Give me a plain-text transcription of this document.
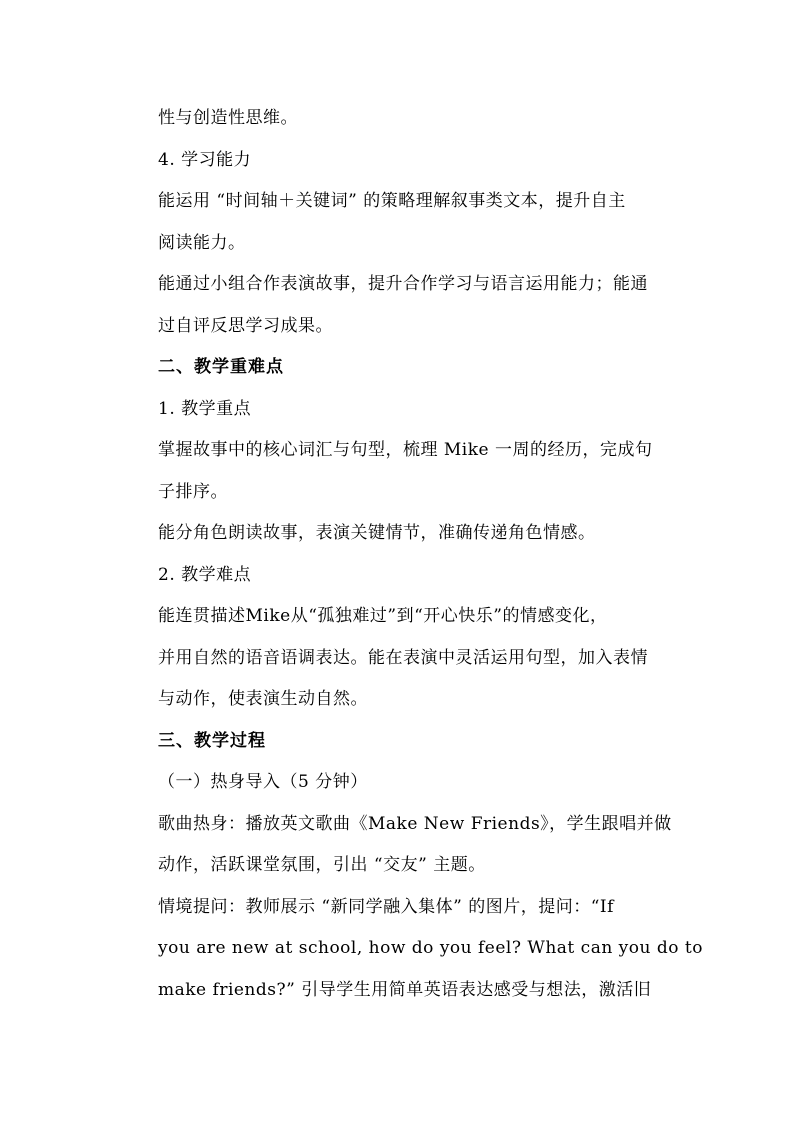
性与创造性思维。
4. 学习能力
能运用 “时间轴＋关键词” 的策略理解叙事类文本，提升自主
阅读能力。
能通过小组合作表演故事，提升合作学习与语言运用能力；能通
过自评反思学习成果。
二、教学重难点
1. 教学重点
掌握故事中的核心词汇与句型，梳理 Mike 一周的经历，完成句
子排序。
能分角色朗读故事，表演关键情节，准确传递角色情感。
2. 教学难点
能连贯描述Mike从“孤独难过”到“开心快乐”的情感变化，
并用自然的语音语调表达。能在表演中灵活运用句型，加入表情
与动作，使表演生动自然。
三、教学过程
（一）热身导入（5 分钟）
歌曲热身：播放英文歌曲《Make New Friends》，学生跟唱并做
动作，活跃课堂氛围，引出 “交友” 主题。
情境提问：教师展示 “新同学融入集体” 的图片，提问：“If
you are new at school, how do you feel? What can you do to
make friends?” 引导学生用简单英语表达感受与想法，激活旧
